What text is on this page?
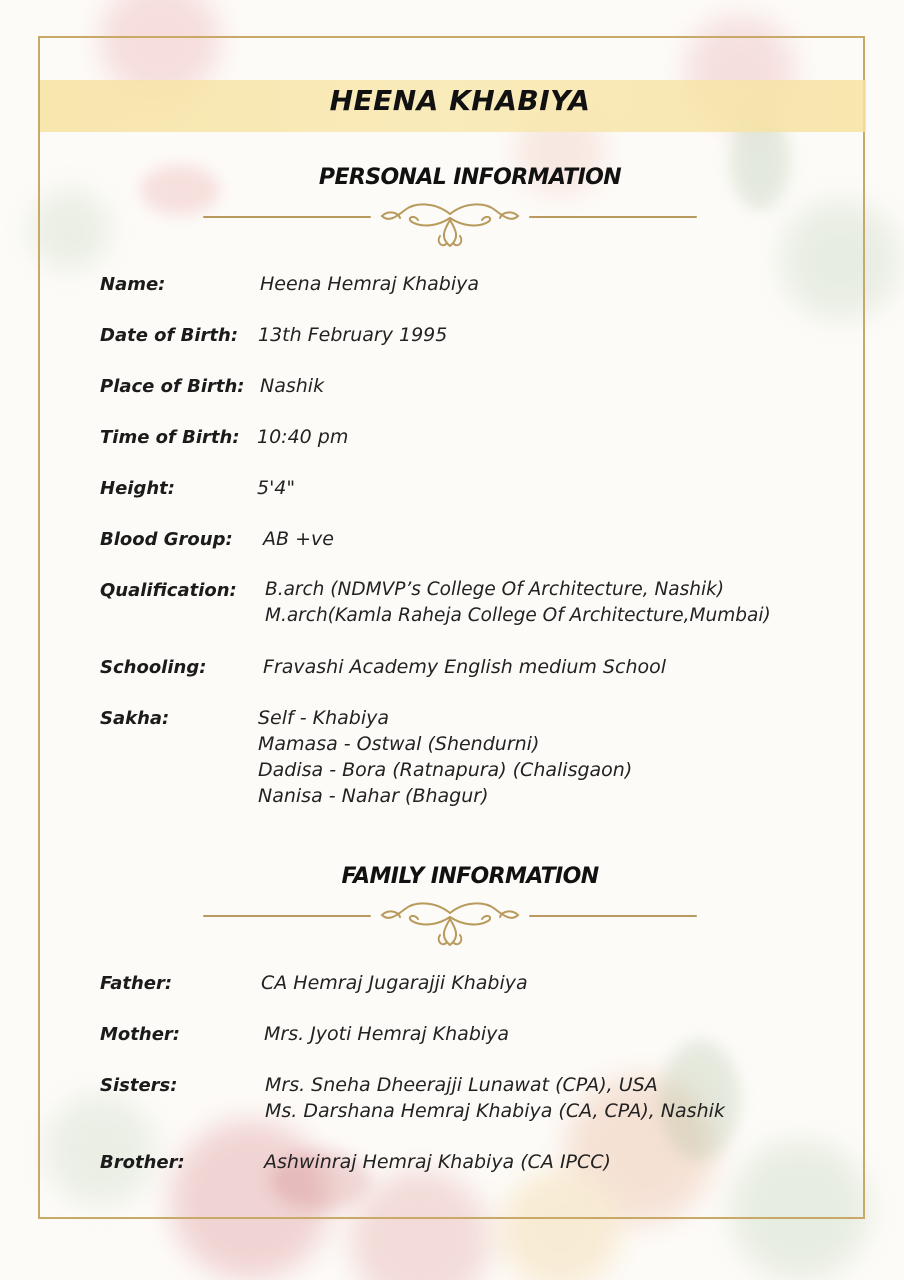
HEENA KHABIYA
PERSONAL INFORMATION
Name:	Heena Hemraj Khabiya
Date of Birth: 13th February 1995
Place of Birth: Nashik
Time of Birth: 10:40 pm
Height:	5'4"
Blood Group: AB +ve
Qualification: B.arch (NDMVP’s College Of Architecture, Nashik)
M.arch(Kamla Raheja College Of Architecture,Mumbai)
Schooling:	Fravashi Academy English medium School
Sakha:	Self - Khabiya
Mamasa - Ostwal (Shendurni)
Dadisa - Bora (Ratnapura) (Chalisgaon)
Nanisa - Nahar (Bhagur)
FAMILY INFORMATION
Father:	CA Hemraj Jugarajji Khabiya
Mother:	Mrs. Jyoti Hemraj Khabiya
Sisters:	Mrs. Sneha Dheerajji Lunawat (CPA), USA
Ms. Darshana Hemraj Khabiya (CA, CPA), Nashik
Brother:	Ashwinraj Hemraj Khabiya (CA IPCC)
